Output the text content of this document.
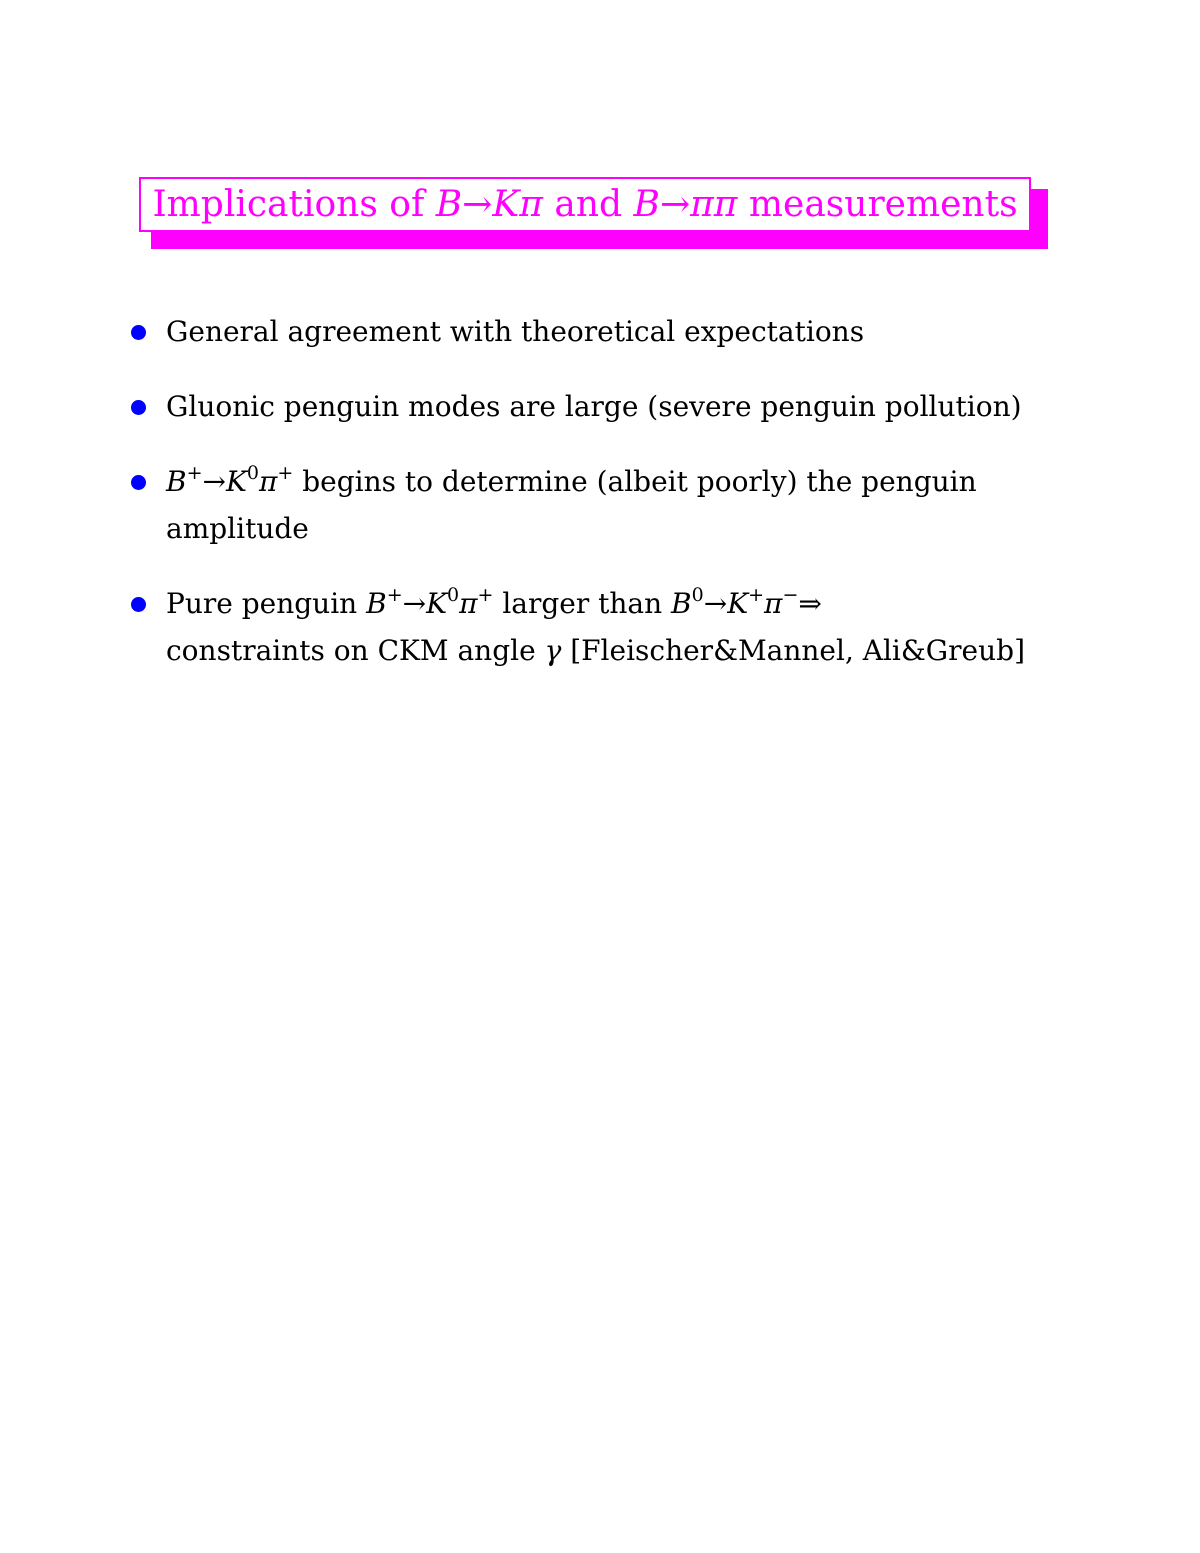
Implications of B→Kπ and B→ππ measurements
General agreement with theoretical expectations
Gluonic penguin modes are large (severe penguin pollution)
$B^+\to K^0\pi^+$ begins to determine (albeit poorly) the penguin
amplitude
Pure penguin $B^+\to K^0\pi^+$ larger than $B^0\to K^+\pi^-\Rightarrow$
constraints on CKM angle γ [Fleischer&Mannel, Ali&Greub]
